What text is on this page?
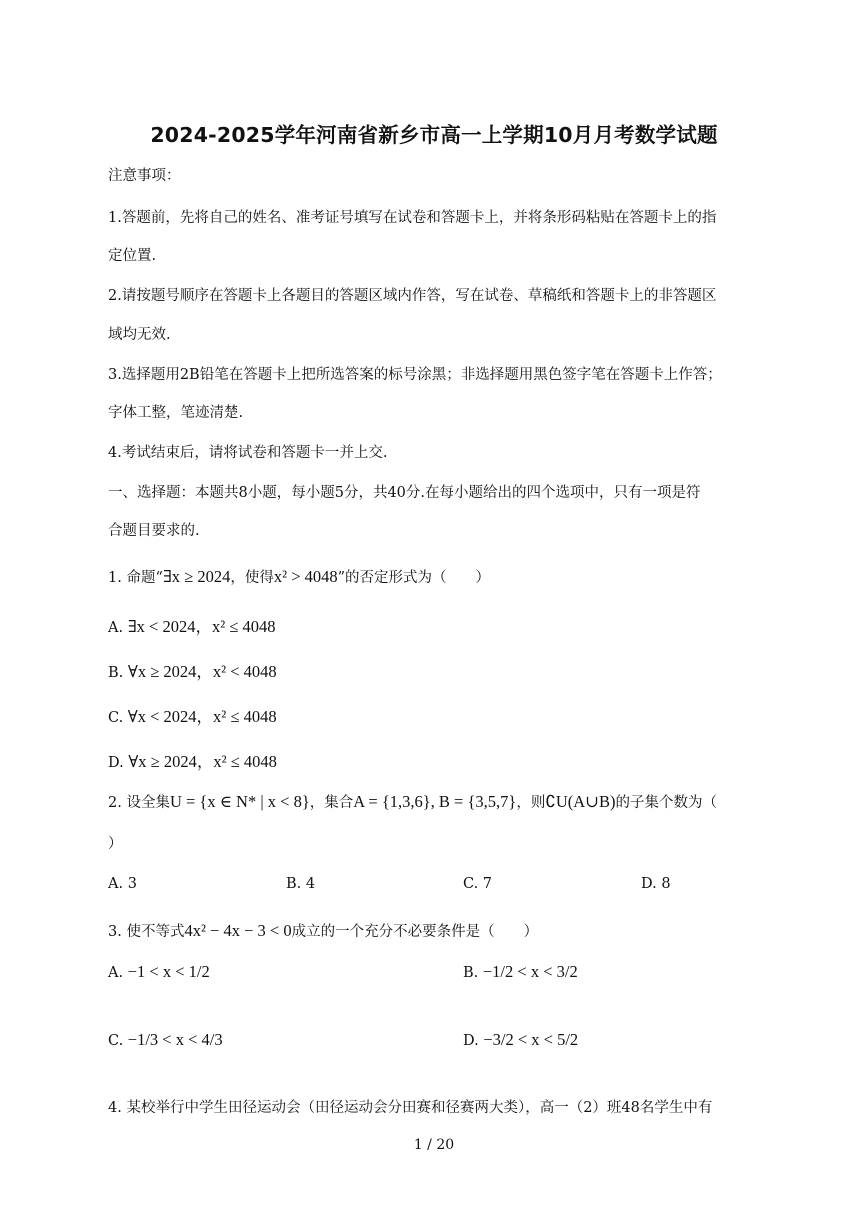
2024-2025学年河南省新乡市高一上学期10月月考数学试题
注意事项：
1.答题前，先将自己的姓名、准考证号填写在试卷和答题卡上，并将条形码粘贴在答题卡上的指
定位置.
2.请按题号顺序在答题卡上各题目的答题区域内作答，写在试卷、草稿纸和答题卡上的非答题区
域均无效.
3.选择题用2B铅笔在答题卡上把所选答案的标号涂黑；非选择题用黑色签字笔在答题卡上作答；
字体工整，笔迹清楚.
4.考试结束后，请将试卷和答题卡一并上交.
一、选择题：本题共8小题，每小题5分，共40分.在每小题给出的四个选项中，只有一项是符
合题目要求的.
1. 命题“∃x ≥ 2024，使得x² > 4048”的否定形式为（　　）
A. ∃x < 2024，x² ≤ 4048
B. ∀x ≥ 2024，x² < 4048
C. ∀x < 2024，x² ≤ 4048
D. ∀x ≥ 2024，x² ≤ 4048
2. 设全集U = {x ∈ N* | x < 8}，集合A = {1,3,6}, B = {3,5,7}，则∁U(A∪B)的子集个数为（
）
A. 3	B. 4	C. 7	D. 8
3. 使不等式4x² − 4x − 3 < 0成立的一个充分不必要条件是（　　）
A. −1 < x < 1/2	B. −1/2 < x < 3/2
C. −1/3 < x < 4/3	D. −3/2 < x < 5/2
4. 某校举行中学生田径运动会（田径运动会分田赛和径赛两大类），高一（2）班48名学生中有
1 / 20
